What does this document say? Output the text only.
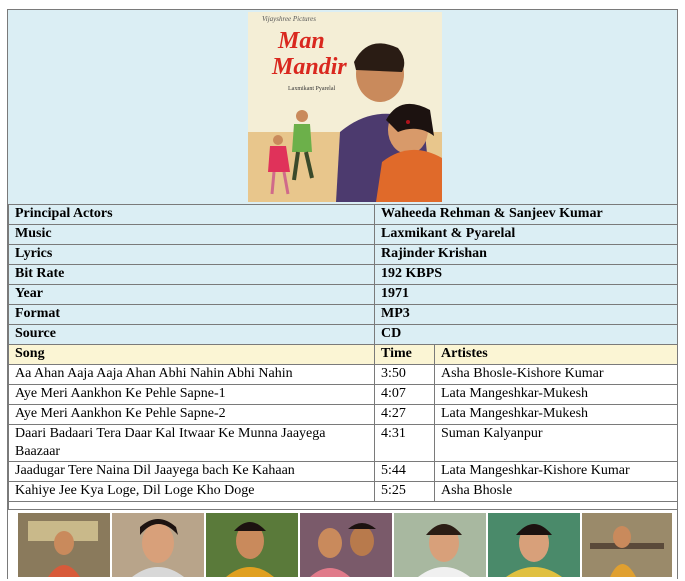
Vijayshree Pictures
Man
Mandir
Laxmikant Pyarelal
Principal Actors	Waheeda Rehman & Sanjeev Kumar	
Music	Laxmikant & Pyarelal	
Lyrics	Rajinder Krishan	
Bit Rate	192 KBPS	
Year	1971	
Format	MP3	
Source	CD	
Song	Time	Artistes
Aa Ahan Aaja Aaja Ahan Abhi Nahin Abhi Nahin	3:50	Asha Bhosle-Kishore Kumar
Aye Meri Aankhon Ke Pehle Sapne-1	4:07	Lata Mangeshkar-Mukesh
Aye Meri Aankhon Ke Pehle Sapne-2	4:27	Lata Mangeshkar-Mukesh
Daari Badaari Tera Daar Kal Itwaar Ke Munna Jaayega Baazaar	4:31	Suman Kalyanpur
Jaadugar Tere Naina Dil Jaayega bach Ke Kahaan	5:44	Lata Mangeshkar-Kishore Kumar
Kahiye Jee Kya Loge, Dil Loge Kho Doge	5:25	Asha Bhosle
